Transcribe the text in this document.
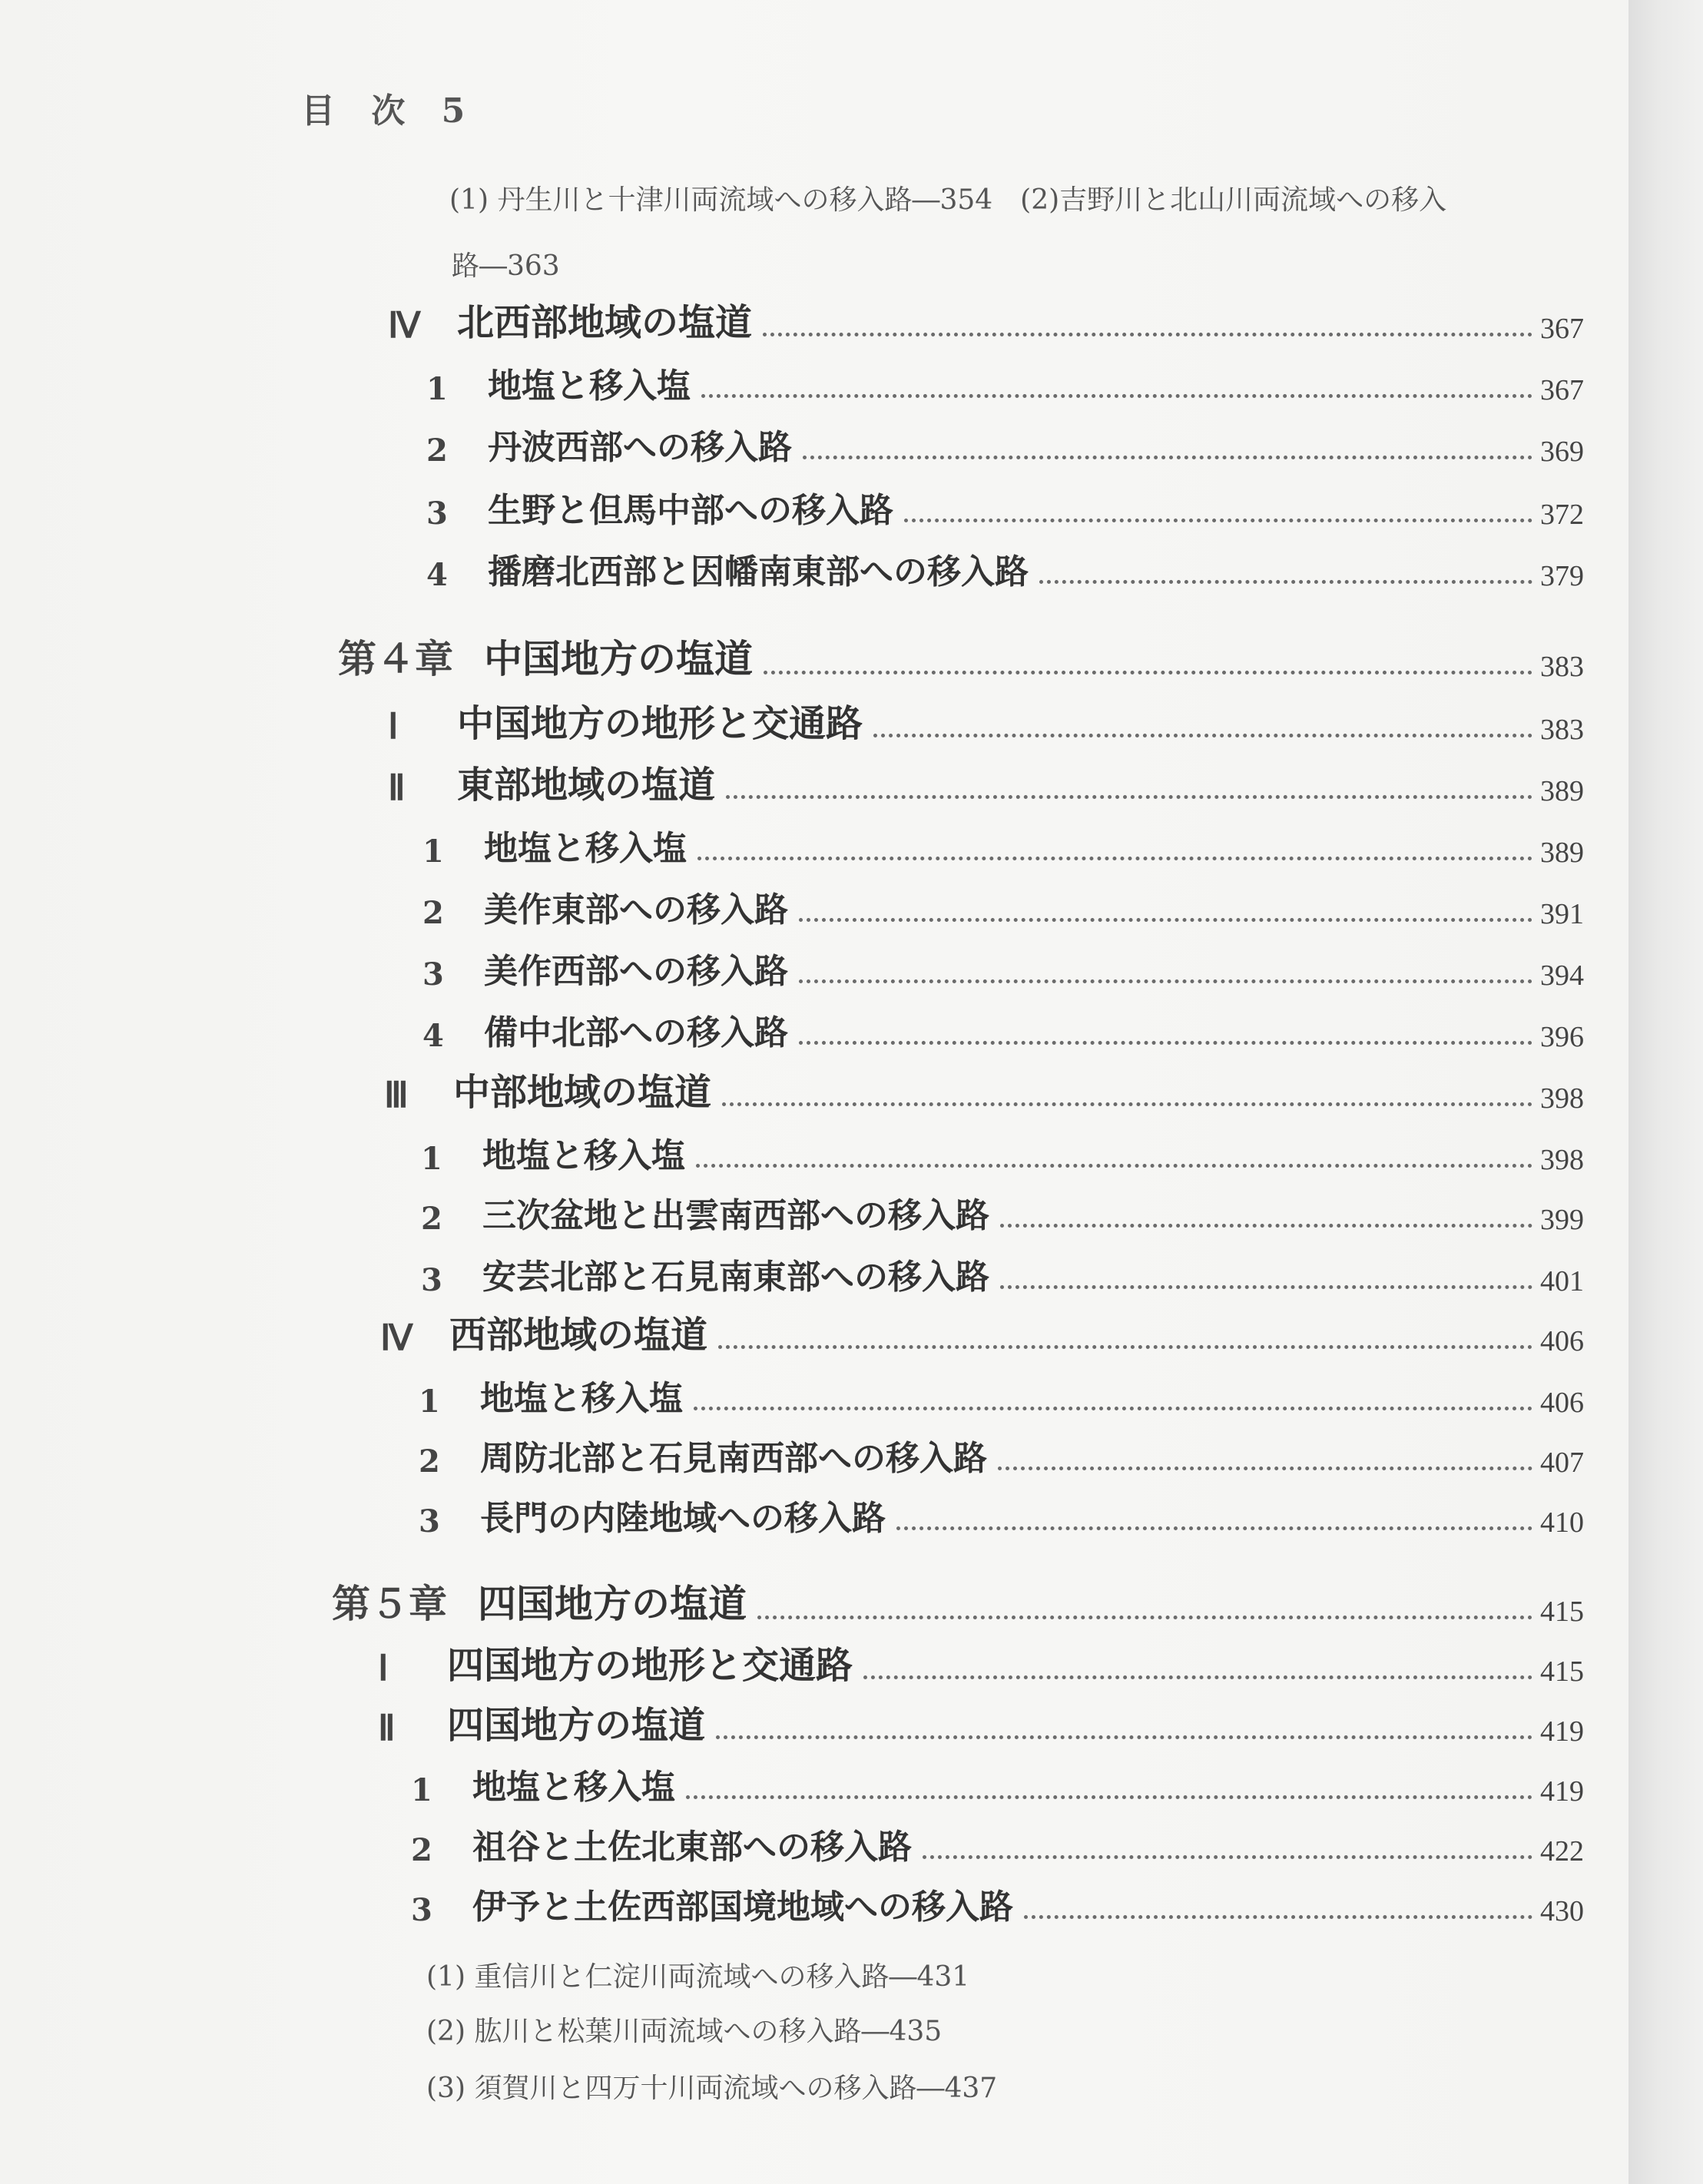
目 次 5
(1) 丹生川と十津川両流域への移入路―354　(2)吉野川と北山川両流域への移入
路―363
Ⅳ 北西部地域の塩道	367
1	地塩と移入塩	367
2	丹波西部への移入路	369
3	生野と但馬中部への移入路	372
4	播磨北西部と因幡南東部への移入路	379
第４章 中国地方の塩道	383
Ⅰ	中国地方の地形と交通路	383
Ⅱ	東部地域の塩道	389
1	地塩と移入塩	389
2	美作東部への移入路	391
3	美作西部への移入路	394
4	備中北部への移入路	396
Ⅲ	中部地域の塩道	398
1	地塩と移入塩	398
2	三次盆地と出雲南西部への移入路	399
3	安芸北部と石見南東部への移入路	401
Ⅳ 西部地域の塩道	406
1	地塩と移入塩	406
2	周防北部と石見南西部への移入路	407
3	長門の内陸地域への移入路	410
第５章 四国地方の塩道	415
Ⅰ	四国地方の地形と交通路	415
Ⅱ	四国地方の塩道	419
1	地塩と移入塩	419
2	祖谷と土佐北東部への移入路	422
3	伊予と土佐西部国境地域への移入路	430
(1) 重信川と仁淀川両流域への移入路―431
(2) 肱川と松葉川両流域への移入路―435
(3) 須賀川と四万十川両流域への移入路―437
